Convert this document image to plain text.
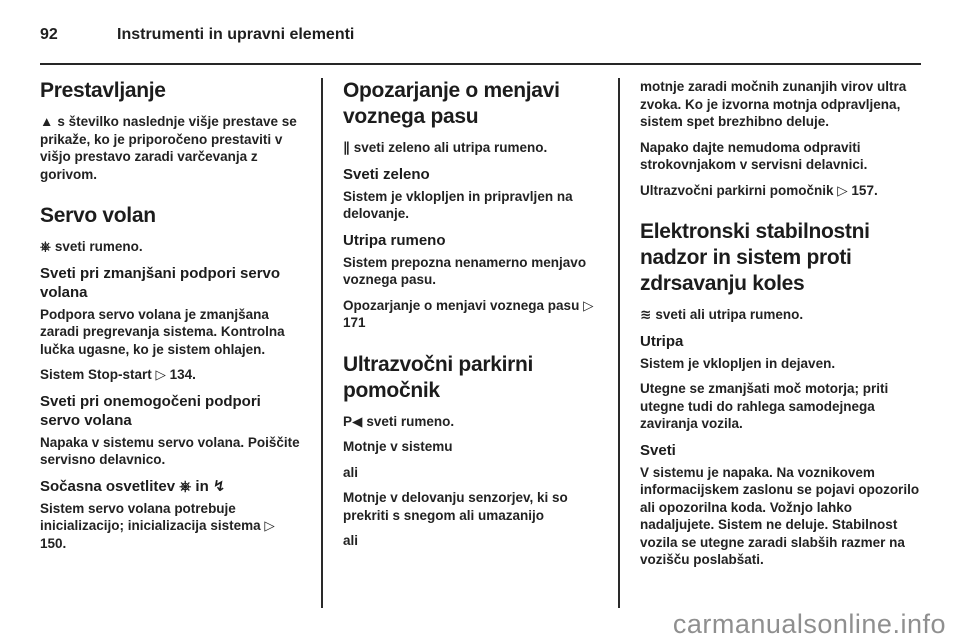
92	Instrumenti in upravni elementi
Prestavljanje

▲ s številko naslednje višje prestave se prikaže, ko je priporočeno prestaviti v višjo prestavo zaradi varčevanja z gorivom.

Servo volan

⎈ sveti rumeno.

Sveti pri zmanjšani podpori servo volana

Podpora servo volana je zmanjšana zaradi pregrevanja sistema. Kontrolna lučka ugasne, ko je sistem ohlajen.

Sistem Stop-start ▷ 134.

Sveti pri onemogočeni podpori servo volana

Napaka v sistemu servo volana. Poiščite servisno delavnico.

Sočasna osvetlitev ⎈ in ↯

Sistem servo volana potrebuje inicializacijo; inicializacija sistema ▷ 150.

Opozarjanje o menjavi voznega pasu

∥ sveti zeleno ali utripa rumeno.

Sveti zeleno

Sistem je vklopljen in pripravljen na delovanje.

Utripa rumeno

Sistem prepozna nenamerno menjavo voznega pasu.

Opozarjanje o menjavi voznega pasu ▷ 171

Ultrazvočni parkirni pomočnik

P◀ sveti rumeno.

Motnje v sistemu

ali

Motnje v delovanju senzorjev, ki so prekriti s snegom ali umazanijo

ali

motnje zaradi močnih zunanjih virov ultra zvoka. Ko je izvorna motnja odpravljena, sistem spet brezhibno deluje.

Napako dajte nemudoma odpraviti strokovnjakom v servisni delavnici.

Ultrazvočni parkirni pomočnik ▷ 157.

Elektronski stabilnostni nadzor in sistem proti zdrsavanju koles

≋ sveti ali utripa rumeno.

Utripa

Sistem je vklopljen in dejaven.

Utegne se zmanjšati moč motorja; priti utegne tudi do rahlega samodejnega zaviranja vozila.

Sveti

V sistemu je napaka. Na voznikovem informacijskem zaslonu se pojavi opozorilo ali opozorilna koda. Vožnjo lahko nadaljujete. Sistem ne deluje. Stabilnost vozila se utegne zaradi slabših razmer na vozišču poslabšati.

carmanualsonline.info
